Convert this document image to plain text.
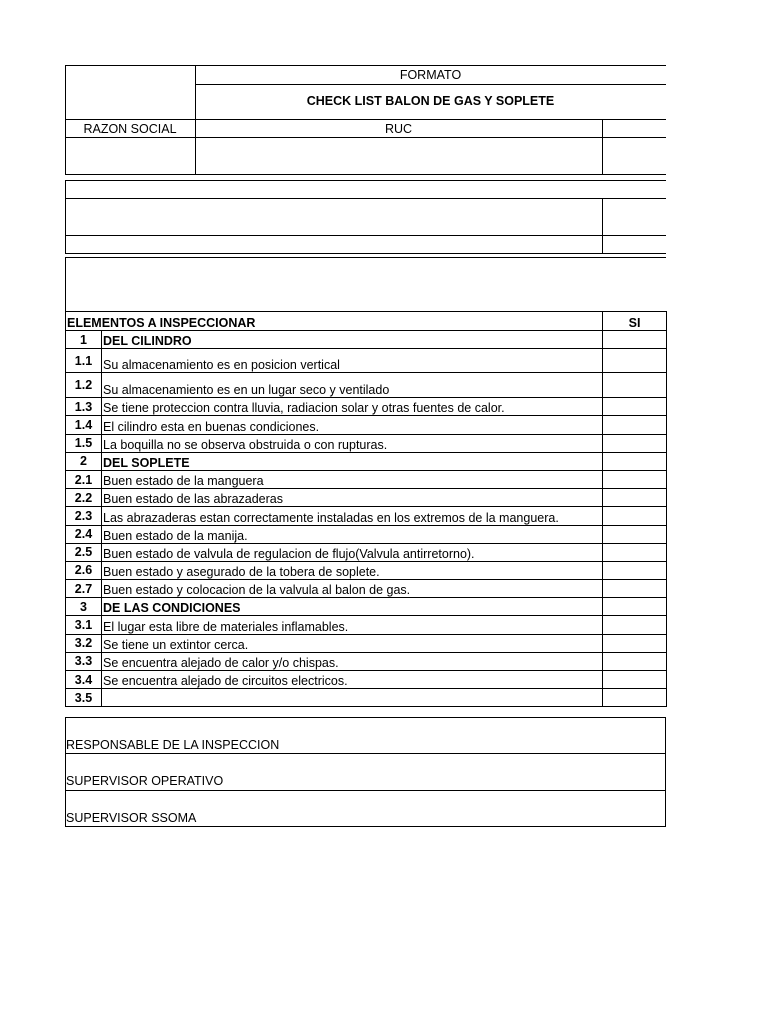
FORMATO
CHECK LIST BALON DE GAS Y SOPLETE
RAZON SOCIAL	RUC
ELEMENTOS A INSPECCIONAR		SI
1	DEL CILINDRO	
1.1	Su almacenamiento es en posicion vertical	
1.2	Su almacenamiento es en un lugar seco y ventilado	
1.3	Se tiene proteccion contra lluvia, radiacion solar y otras fuentes de calor.	
1.4	El cilindro esta en buenas condiciones.	
1.5	La boquilla no se observa obstruida o con rupturas.	
2	DEL SOPLETE	
2.1	Buen estado de la manguera	
2.2	Buen estado de las abrazaderas	
2.3	Las abrazaderas estan correctamente instaladas en los extremos de la manguera.	
2.4	Buen estado de la manija.	
2.5	Buen estado de valvula de regulacion de flujo(Valvula antirretorno).	
2.6	Buen estado y asegurado de la tobera de soplete.	
2.7	Buen estado y colocacion de la valvula al balon de gas.	
3	DE LAS CONDICIONES	
3.1	El lugar esta libre de materiales inflamables.	
3.2	Se tiene un extintor cerca.	
3.3	Se encuentra alejado de calor y/o chispas.	
3.4	Se encuentra alejado de circuitos electricos.	
3.5		
RESPONSABLE DE LA INSPECCION
SUPERVISOR OPERATIVO
SUPERVISOR SSOMA
